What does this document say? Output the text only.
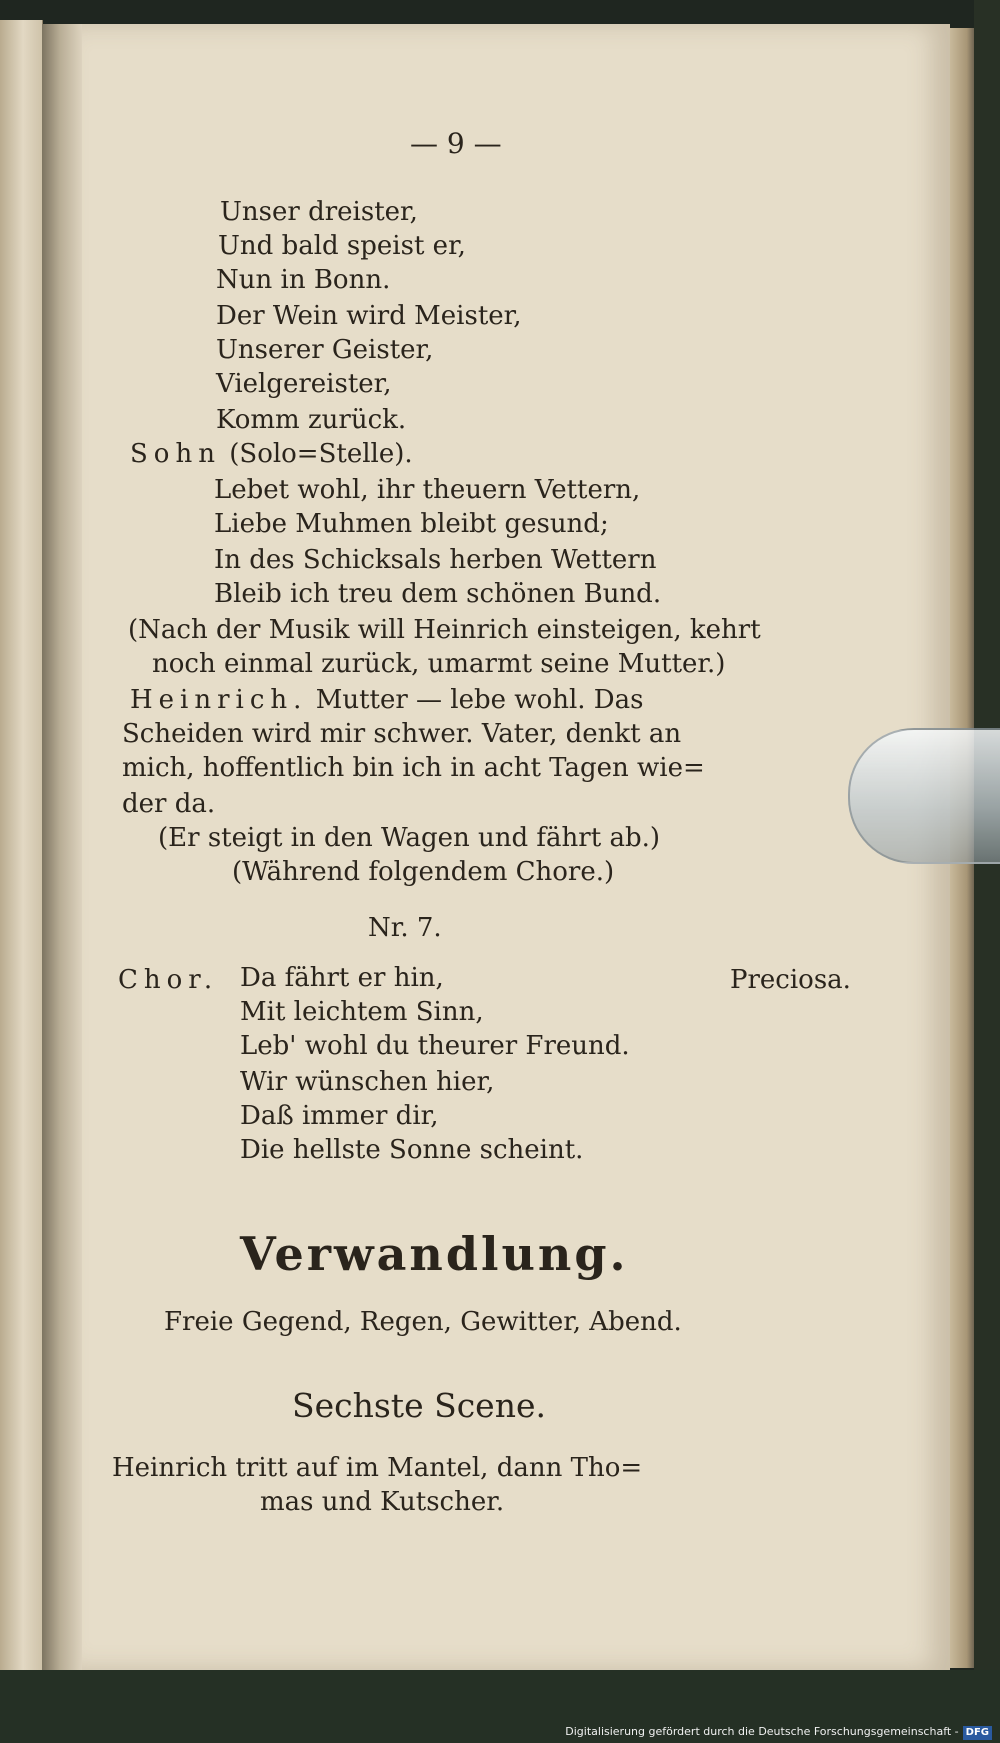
— 9 —
Unser dreister,
Und bald speist er,
Nun in Bonn.
Der Wein wird Meister,
Unserer Geister,
Vielgereister,
Komm zurück.
Sohn (Solo=Stelle).
Lebet wohl, ihr theuern Vettern,
Liebe Muhmen bleibt gesund;
In des Schicksals herben Wettern
Bleib ich treu dem schönen Bund.
(Nach der Musik will Heinrich einsteigen, kehrt
noch einmal zurück, umarmt seine Mutter.)
Heinrich. Mutter — lebe wohl. Das
Scheiden wird mir schwer. Vater, denkt an
mich, hoffentlich bin ich in acht Tagen wie=
der da.
(Er steigt in den Wagen und fährt ab.)
(Während folgendem Chore.)
Nr. 7.
Chor. Da fährt er hin,
Mit leichtem Sinn,
Leb' wohl du theurer Freund.
Wir wünschen hier,
Daß immer dir,
Die hellste Sonne scheint.
Preciosa.
Verwandlung.
Freie Gegend, Regen, Gewitter, Abend.
Sechste Scene.
Heinrich tritt auf im Mantel, dann Tho=
mas und Kutscher.
Digitalisierung gefördert durch die Deutsche Forschungsgemeinschaft - DFG
